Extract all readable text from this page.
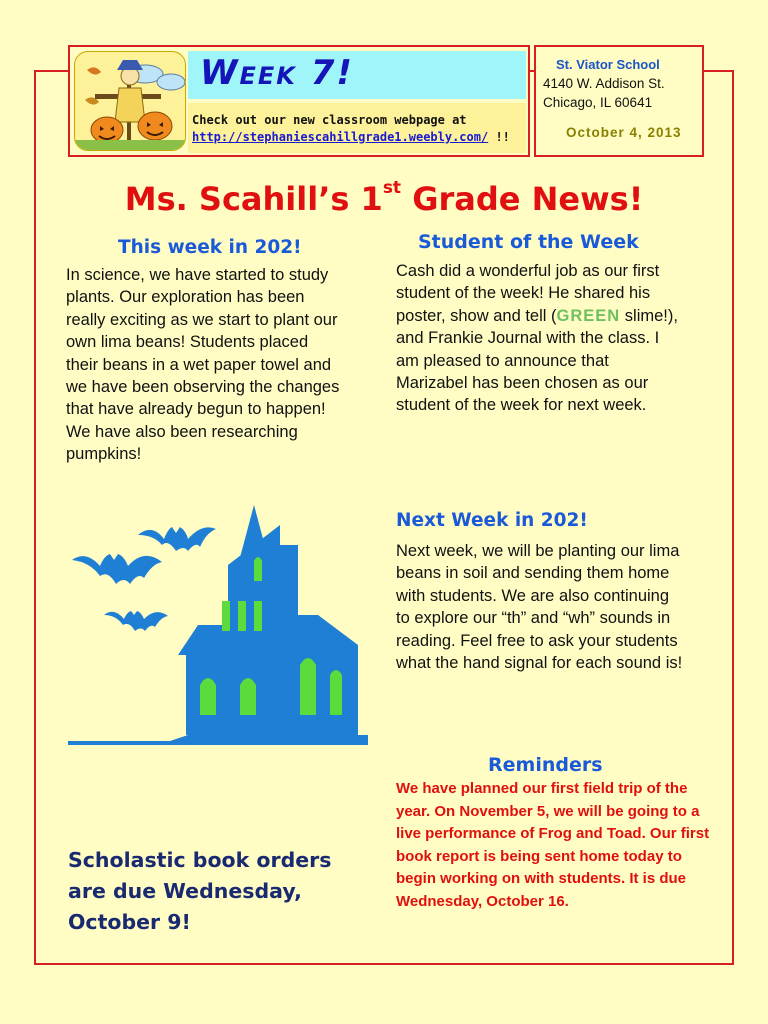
Week 7!
Check out our new classroom webpage at
http://stephaniescahillgrade1.weebly.com/ !!
St. Viator School
4140 W. Addison St.
Chicago, IL 60641
October 4, 2013
Ms. Scahill’s 1st Grade News!
This week in 202!
In science, we have started to study plants. Our exploration has been really exciting as we start to plant our own lima beans! Students placed their beans in a wet paper towel and we have been observing the changes that have already begun to happen! We have also been researching pumpkins!
Student of the Week
Cash did a wonderful job as our first student of the week! He shared his poster, show and tell (GREEN slime!), and Frankie Journal with the class. I am pleased to announce that Marizabel has been chosen as our student of the week for next week.
Next Week in 202!
Next week, we will be planting our lima beans in soil and sending them home with students. We are also continuing to explore our “th” and “wh” sounds in reading. Feel free to ask your students what the hand signal for each sound is!
Reminders
We have planned our first field trip of the year. On November 5, we will be going to a live performance of Frog and Toad. Our first book report is being sent home today to begin working on with students. It is due Wednesday, October 16.
Scholastic book orders are due Wednesday, October 9!
